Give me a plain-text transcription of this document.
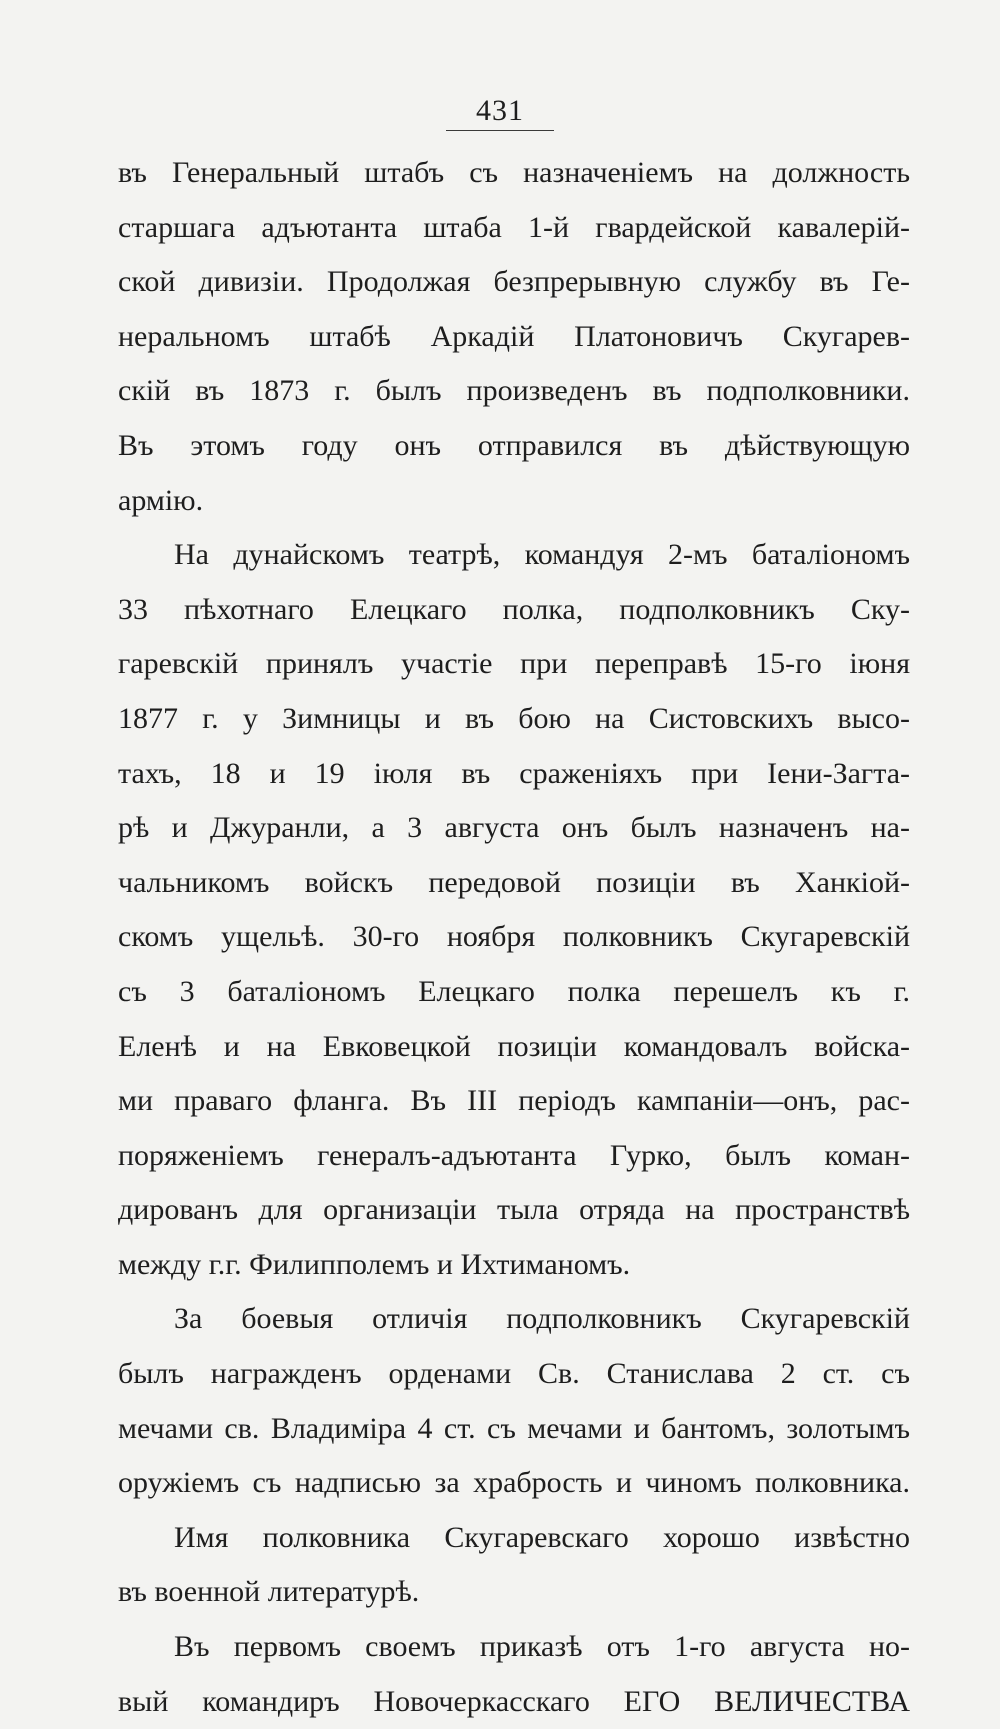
431
въ Генеральный штабъ съ назначенiемъ на должность
старшага адъютанта штаба 1-й гвардейской кавалерiй-
ской дивизiи. Продолжая безпрерывную службу въ Ге-
неральномъ штабѣ Аркадiй Платоновичъ Скугарев-
скiй въ 1873 г. былъ произведенъ въ подполковники.
Въ этомъ году онъ отправился въ дѣйствующую
армiю.
На дунайскомъ театрѣ, командуя 2-мъ баталiономъ
33 пѣхотнаго Елецкаго полка, подполковникъ Ску-
гаревскiй принялъ участiе при переправѣ 15-го iюня
1877 г. у Зимницы и въ бою на Систовскихъ высо-
тахъ, 18 и 19 iюля въ сраженiяхъ при Iени-Загта-
рѣ и Джуранли, а 3 августа онъ былъ назначенъ на-
чальникомъ войскъ передовой позицiи въ Ханкiой-
скомъ ущельѣ. 30-го ноября полковникъ Скугаревскiй
съ 3 баталiономъ Елецкаго полка перешелъ къ г.
Еленѣ и на Евковецкой позицiи командовалъ войска-
ми праваго фланга. Въ III перiодъ кампанiи—онъ, рас-
поряженiемъ генералъ-адъютанта Гурко, былъ коман-
дированъ для организацiи тыла отряда на пространствѣ
между г.г. Филипполемъ и Ихтиманомъ.
За боевыя отличiя подполковникъ Скугаревскiй
былъ награжденъ орденами Св. Станислава 2 ст. съ
мечами св. Владимiра 4 ст. съ мечами и бантомъ, золотымъ
оружiемъ съ надписью за храбрость и чиномъ полковника.
Имя полковника Скугаревскаго хорошо извѣстно
въ военной литературѣ.
Въ первомъ своемъ приказѣ отъ 1-го августа но-
вый командиръ Новочеркасскаго ЕГО ВЕЛИЧЕСТВА
